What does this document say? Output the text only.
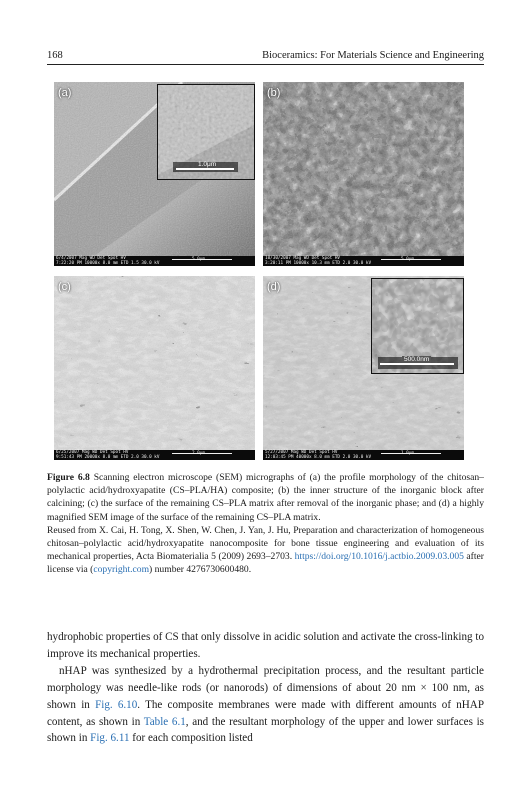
168	Bioceramics: For Materials Science and Engineering
1.0μm
(a)
6/4/2007 Mag WD Det Spot HV
7:22:20 PM 10000x 8.0 mm ETD 1.5 30.0 kV
5.0μm
(b)
10/30/2007 Mag WD Det Spot HV
3:20:11 PM 10000x 10.3 mm ETD 2.0 30.0 kV
5.0μm
(c)
6/25/2007 Mag WD Det Spot HV
9:51:43 PM 20000x 8.0 mm ETD 2.0 30.0 kV
2.0μm
500.0nm
(d)
5/27/2007 Mag WD Det Spot HV
12:03:45 PM 40000x 8.0 mm ETD 2.0 30.0 kV
1.0μm

Figure 6.8 Scanning electron microscope (SEM) micrographs of (a) the profile morphology of the chitosan–polylactic acid/hydroxyapatite (CS–PLA/HA) composite; (b) the inner structure of the inorganic block after calcining; (c) the surface of the remaining CS–PLA matrix after removal of the inorganic phase; and (d) a highly magnified SEM image of the surface of the remaining CS–PLA matrix.

Reused from X. Cai, H. Tong, X. Shen, W. Chen, J. Yan, J. Hu, Preparation and characterization of homogeneous chitosan–polylactic acid/hydroxyapatite nanocomposite for bone tissue engineering and evaluation of its mechanical properties, Acta Biomaterialia 5 (2009) 2693–2703. https://doi.org/10.1016/j.actbio.2009.03.005 after license via (copyright.com) number 4276730600480.

hydrophobic properties of CS that only dissolve in acidic solution and activate the cross-linking to improve its mechanical properties.

nHAP was synthesized by a hydrothermal precipitation process, and the resultant particle morphology was needle-like rods (or nanorods) of dimensions of about 20 nm × 100 nm, as shown in Fig. 6.10. The composite membranes were made with different amounts of nHAP content, as shown in Table 6.1, and the resultant morphology of the upper and lower surfaces is shown in Fig. 6.11 for each composition listed
